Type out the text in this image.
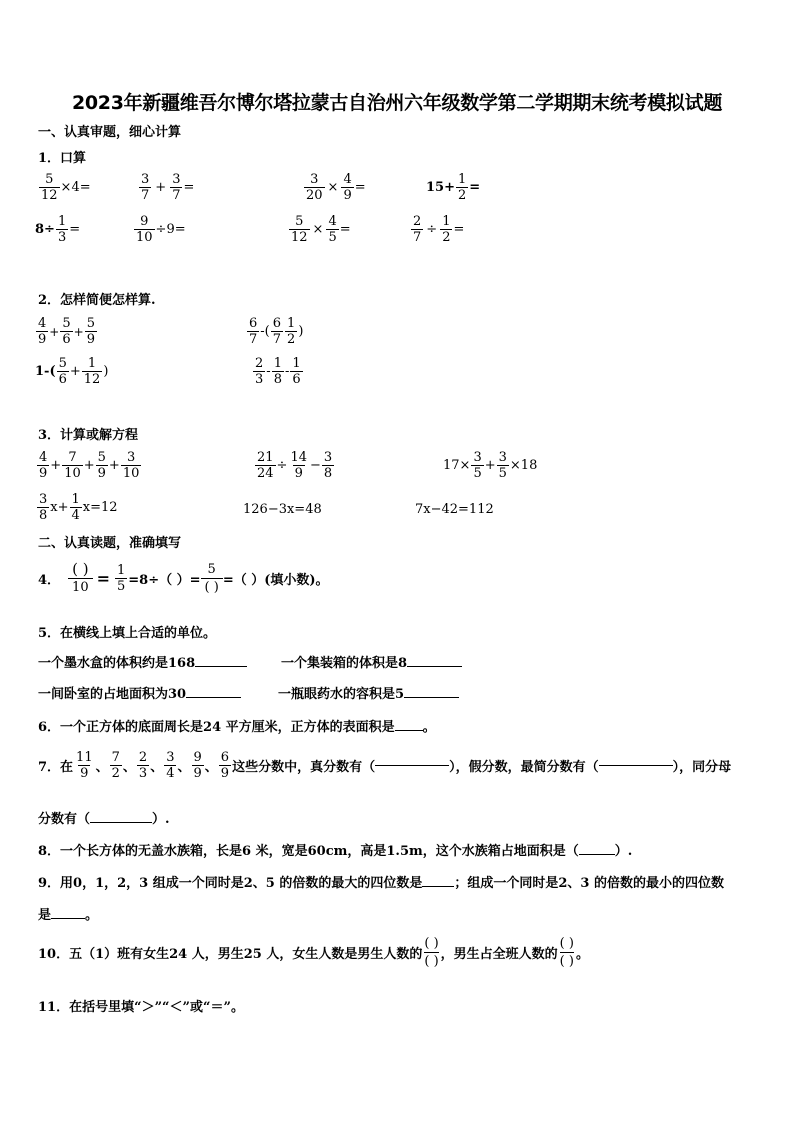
2023年新疆维吾尔博尔塔拉蒙古自治州六年级数学第二学期期末统考模拟试题
一、认真审题，细心计算
1．口算
$\frac{5}{12} \times 4=$	$\frac{3}{7} + \frac{3}{7}$ =	$\frac{3}{20} \times \frac{4}{9}$ =	$15+ \frac{1}{2}$ =
$8\div \frac{1}{3}$ =	$\frac{9}{10} \div 9=$	$\frac{5}{12} \times \frac{4}{5}$ =	$\frac{2}{7} \div \frac{1}{2}$ =
2．怎样简便怎样算.
$\frac{4}{9} + \frac{5}{6} + \frac{5}{9}$	$\frac{6}{7}$ -( $\frac{6}{7} \frac{1}{2}$ )
$1-( \frac{5}{6} + \frac{1}{12}$ )	$\frac{2}{3} - \frac{1}{8} - \frac{1}{6}$
3．计算或解方程
$\frac{4}{9} + \frac{7}{10} + \frac{5}{9} + \frac{3}{10}$	$\frac{21}{24} \div \frac{14}{9} - \frac{3}{8}$	$17\times \frac{3}{5} + \frac{3}{5} \times 18$
$\frac{3}{8} x+ \frac{1}{4} x=12$	126−3x=48	7x−42=112
二、认真读题，准确填写
4．
( )
$10 = \frac{1}{5} =8\div$（ ）=
5
( ) =（ ）(填小数)。
5．在横线上填上合适的单位。
一个墨水盒的体积约是168	一个集装箱的体积是8
一间卧室的占地面积为30	一瓶眼药水的容积是5
6．一个正方体的底面周长是24 平方厘米，正方体的表面积是 。
7．在 $\frac{11}{9}$ 、 $\frac{7}{2}$ 、 $\frac{2}{3}$ 、 $\frac{3}{4}$ 、 $\frac{9}{9}$ 、 $\frac{6}{9}$ 这些分数中，真分数有（	），假分数，最简分数有（	），同分母
分数有（	）.
8．一个长方体的无盖水族箱，长是6 米，宽是60cm，高是1.5m，这个水族箱占地面积是（	）.
9．用0，1，2，3 组成一个同时是2、5 的倍数的最大的四位数是 ；组成一个同时是2、3 的倍数的最小的四位数
是	。
10．五（1）班有女生24 人，男生25 人，女生人数是男生人数的
( )
( ) ，男生占全班人数的
( )
( ) 。
11．在括号里填“＞”“＜”或“＝”。
